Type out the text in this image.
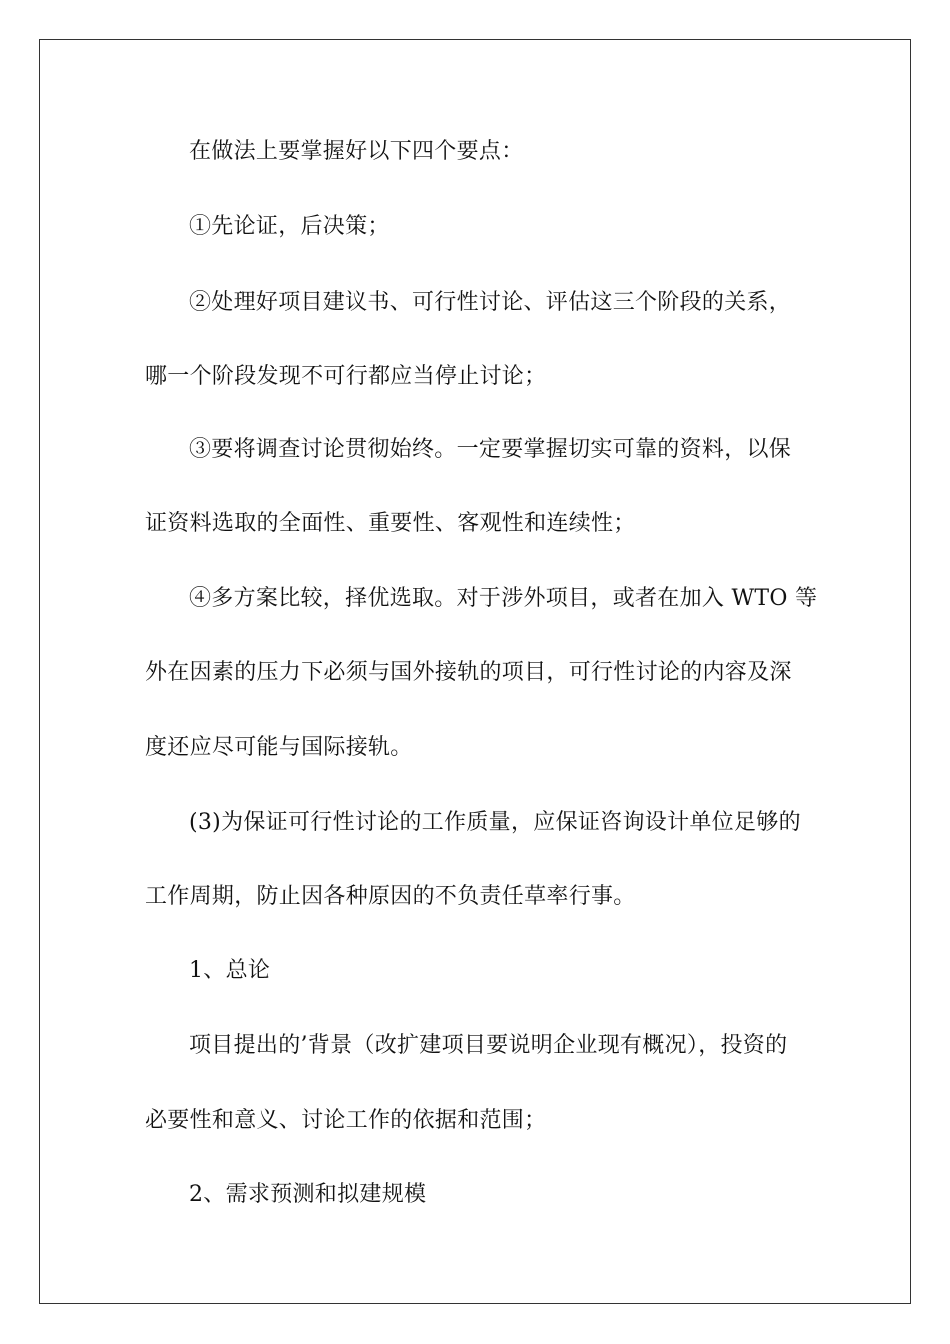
在做法上要掌握好以下四个要点：
①先论证，后决策；
②处理好项目建议书、可行性讨论、评估这三个阶段的关系，
哪一个阶段发现不可行都应当停止讨论；
③要将调查讨论贯彻始终。一定要掌握切实可靠的资料，以保
证资料选取的全面性、重要性、客观性和连续性；
④多方案比较，择优选取。对于涉外项目，或者在加入 WTO 等
外在因素的压力下必须与国外接轨的项目，可行性讨论的内容及深
度还应尽可能与国际接轨。
(3)为保证可行性讨论的工作质量，应保证咨询设计单位足够的
工作周期，防止因各种原因的不负责任草率行事。
1、总论
项目提出的’背景（改扩建项目要说明企业现有概况），投资的
必要性和意义、讨论工作的依据和范围；
2、需求预测和拟建规模
